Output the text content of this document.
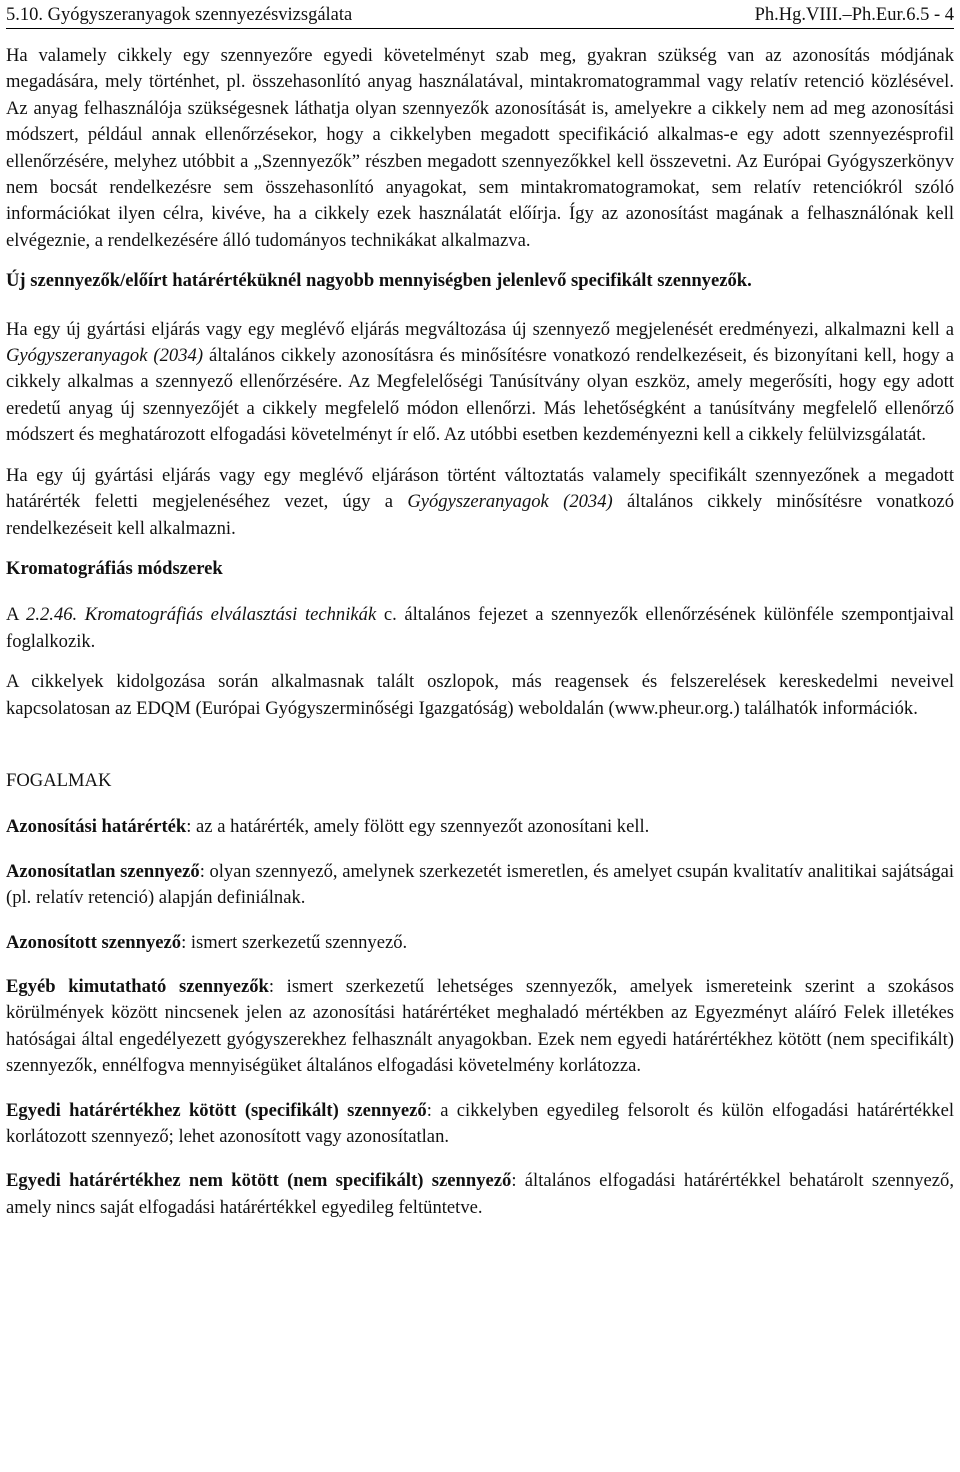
5.10. Gyógyszeranyagok szennyezésvizsgálata	Ph.Hg.VIII.–Ph.Eur.6.5 - 4

Ha valamely cikkely egy szennyezőre egyedi követelményt szab meg, gyakran szükség van az azonosítás módjának megadására, mely történhet, pl. összehasonlító anyag használatával, mintakromatogrammal vagy relatív retenció közlésével. Az anyag felhasználója szükségesnek láthatja olyan szennyezők azonosítását is, amelyekre a cikkely nem ad meg azonosítási módszert, például annak ellenőrzésekor, hogy a cikkelyben megadott specifikáció alkalmas-e egy adott szennyezésprofil ellenőrzésére, melyhez utóbbit a „Szennyezők” részben megadott szennyezőkkel kell összevetni. Az Európai Gyógyszerkönyv nem bocsát rendelkezésre sem összehasonlító anyagokat, sem mintakromatogramokat, sem relatív retenciókról szóló információkat ilyen célra, kivéve, ha a cikkely ezek használatát előírja. Így az azonosítást magának a felhasználónak kell elvégeznie, a rendelkezésére álló tudományos technikákat alkalmazva.

Új szennyezők/előírt határértéküknél nagyobb mennyiségben jelenlevő specifikált szennyezők.

Ha egy új gyártási eljárás vagy egy meglévő eljárás megváltozása új szennyező megjelenését eredményezi, alkalmazni kell a Gyógyszeranyagok (2034) általános cikkely azonosításra és minősítésre vonatkozó rendelkezéseit, és bizonyítani kell, hogy a cikkely alkalmas a szennyező ellenőrzésére. Az Megfelelőségi Tanúsítvány olyan eszköz, amely megerősíti, hogy egy adott eredetű anyag új szennyezőjét a cikkely megfelelő módon ellenőrzi. Más lehetőségként a tanúsítvány megfelelő ellenőrző módszert és meghatározott elfogadási követelményt ír elő. Az utóbbi esetben kezdeményezni kell a cikkely felülvizsgálatát.

Ha egy új gyártási eljárás vagy egy meglévő eljáráson történt változtatás valamely specifikált szennyezőnek a megadott határérték feletti megjelenéséhez vezet, úgy a Gyógyszeranyagok (2034) általános cikkely minősítésre vonatkozó rendelkezéseit kell alkalmazni.

Kromatográfiás módszerek

A 2.2.46. Kromatográfiás elválasztási technikák c. általános fejezet a szennyezők ellenőrzésének különféle szempontjaival foglalkozik.

A cikkelyek kidolgozása során alkalmasnak talált oszlopok, más reagensek és felszerelések kereskedelmi neveivel kapcsolatosan az EDQM (Európai Gyógyszerminőségi Igazgatóság) weboldalán (www.pheur.org.) találhatók információk.

FOGALMAK

Azonosítási határérték: az a határérték, amely fölött egy szennyezőt azonosítani kell.

Azonosítatlan szennyező: olyan szennyező, amelynek szerkezetét ismeretlen, és amelyet csupán kvalitatív analitikai sajátságai (pl. relatív retenció) alapján definiálnak.

Azonosított szennyező: ismert szerkezetű szennyező.

Egyéb kimutatható szennyezők: ismert szerkezetű lehetséges szennyezők, amelyek ismereteink szerint a szokásos körülmények között nincsenek jelen az azonosítási határértéket meghaladó mértékben az Egyezményt aláíró Felek illetékes hatóságai által engedélyezett gyógyszerekhez felhasznált anyagokban. Ezek nem egyedi határértékhez kötött (nem specifikált) szennyezők, ennélfogva mennyiségüket általános elfogadási követelmény korlátozza.

Egyedi határértékhez kötött (specifikált) szennyező: a cikkelyben egyedileg felsorolt és külön elfogadási határértékkel korlátozott szennyező; lehet azonosított vagy azonosítatlan.

Egyedi határértékhez nem kötött (nem specifikált) szennyező: általános elfogadási határértékkel behatárolt szennyező, amely nincs saját elfogadási határértékkel egyedileg feltüntetve.
